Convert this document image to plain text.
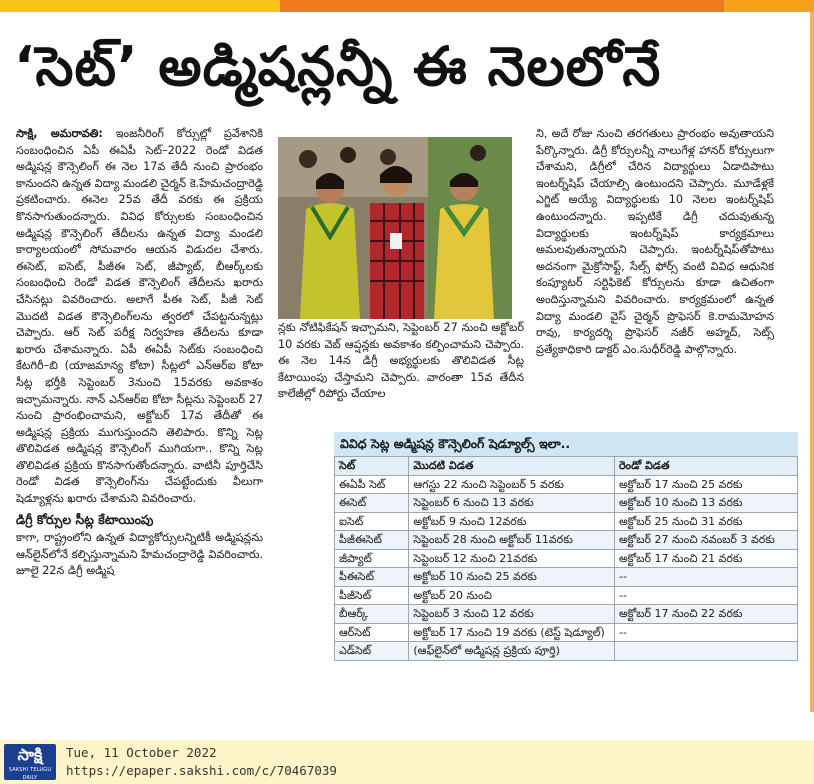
‘సెట్’ అడ్మిషన్లన్నీ ఈ నెలలోనే

సాక్షి, అమరావతి: ఇంజనీరింగ్ కోర్సుల్లో ప్రవేశానికి సంబంధించిన ఏపీ ఈఏపీ సెట్–2022 రెండో విడత అడ్మిషన్ల కౌన్సెలింగ్ ఈ నెల 17వ తేదీ నుంచి ప్రారంభం కానుందని ఉన్నత విద్యా మండలి చైర్మన్ కె.హేమచంద్రారెడ్డి ప్రకటించారు. ఈనెల 25వ తేదీ వరకు ఈ ప్రక్రియ కొనసాగుతుందన్నారు. వివిధ కోర్సులకు సంబంధించిన అడ్మిషన్ల కౌన్సెలింగ్ తేదీలను ఉన్నత విద్యా మండలి కార్యాలయంలో సోమవారం ఆయన విడుదల చేశారు. ఈసెట్, ఐసెట్, పీజీఈ సెట్, జీప్యాట్, బీఆర్క్‌లకు సంబంధించి రెండో విడత కౌన్సెలింగ్ తేదీలను ఖరారు చేసినట్లు వివరించారు. అలాగే పీఈ సెట్, పీజీ సెట్ మొదటి విడత కౌన్సెలింగ్‌లను త్వరలో చేపట్టనున్నట్లు చెప్పారు. ఆర్ సెట్ పరీక్ష నిర్వహణ తేదీలను కూడా ఖరారు చేశామన్నారు. ఏపీ ఈఏపీ సెట్‌కు సంబంధించి కేటగిరీ–బి (యాజమాన్య కోటా) సీట్లలో ఎన్ఆర్ఐ కోటా సీట్ల భర్తీకి సెప్టెంబర్ 3నుంచి 15వరకు అవకాశం ఇచ్చామన్నారు. నాన్ ఎన్ఆర్ఐ కోటా సీట్లను సెప్టెంబర్ 27 నుంచి ప్రారంభించామని, అక్టోబర్ 17వ తేదీతో ఈ అడ్మిషన్ల ప్రక్రియ ముగుస్తుందని తెలిపారు. కొన్ని సెట్ల తొలివిడత అడ్మిషన్ల కౌన్సెలింగ్ ముగియగా.. కొన్ని సెట్ల తొలివిడత ప్రక్రియ కొనసాగుతోందన్నారు. వాటినీ పూర్తిచేసి రెండో విడత కౌన్సెలింగ్‌ను చేపట్టేందుకు వీలుగా షెడ్యూళ్లను ఖరారు చేశామని వివరించారు.

డిగ్రీ కోర్సుల సీట్ల కేటాయింపు

కాగా, రాష్ట్రంలోని ఉన్నత విద్యాకోర్సులన్నిటికీ అడ్మిషన్లను ఆన్‌లైన్‌లోనే కల్పిస్తున్నామని హేమచంద్రారెడ్డి వివరించారు. జూలై 22న డిగ్రీ అడ్మిష

న్లకు నోటిఫికేషన్ ఇచ్చామని, సెప్టెంబర్ 27 నుంచి అక్టోబర్ 10 వరకు వెబ్ ఆప్షన్లకు అవకాశం కల్పించామని చెప్పారు. ఈ నెల 14న డిగ్రీ అభ్యర్థులకు తొలివిడత సీట్ల కేటాయింపు చేస్తామని చెప్పారు. వారంతా 15వ తేదీన కాలేజీల్లో రిపోర్టు చేయాల

ని, అదే రోజు నుంచి తరగతులు ప్రారంభం అవుతాయని పేర్కొన్నారు. డిగ్రీ కోర్సులన్నీ నాలుగేళ్ల హానర్ కోర్సులుగా చేశామని, డిగ్రీలో చేరిన విద్యార్థులు ఏడాదిపాటు ఇంటర్న్‌షిప్ చేయాల్సి ఉంటుందని చెప్పారు. మూడేళ్లకే ఎగ్జిట్ అయ్యే విద్యార్థులకు 10 నెలల ఇంటర్న్‌షిప్ ఉంటుందన్నారు. ఇప్పటికే డిగ్రీ చదువుతున్న విద్యార్థులకు ఇంటర్న్‌షిప్ కార్యక్రమాలు అమలవుతున్నాయని చెప్పారు. ఇంటర్న్‌షిప్‌తోపాటు అదనంగా మైక్రోసాఫ్ట్, సేల్స్ ఫోర్స్ వంటి వివిధ ఆధునిక కంప్యూటర్ సర్టిఫికెట్ కోర్సులను కూడా ఉచితంగా అందిస్తున్నామని వివరించారు. కార్యక్రమంలో ఉన్నత విద్యా మండలి వైస్ చైర్మన్ ప్రొఫెసర్ కె.రామమోహన రావు, కార్యదర్శి ప్రొఫెసర్ నజీర్ అహ్మద్, సెట్స్ ప్రత్యేకాధికారి డాక్టర్ ఎం.సుధీర్‌రెడ్డి పాల్గొన్నారు.

వివిధ సెట్ల అడ్మిషన్ల కౌన్సెలింగ్ షెడ్యూల్స్ ఇలా..
సెట్	మొదటి విడత	రెండో విడత
ఈఏపీ సెట్	ఆగస్టు 22 నుంచి సెప్టెంబర్ 5 వరకు	అక్టోబర్ 17 నుంచి 25 వరకు
ఈసెట్	సెప్టెంబర్ 6 నుంచి 13 వరకు	అక్టోబర్ 10 నుంచి 13 వరకు
ఐసెట్	అక్టోబర్ 9 నుంచి 12వరకు	అక్టోబర్ 25 నుంచి 31 వరకు
పీజీఈసెట్	సెప్టెంబర్ 28 నుంచి అక్టోబర్ 11వరకు	అక్టోబర్ 27 నుంచి నవంబర్ 3 వరకు
జీప్యాట్	సెప్టెంబర్ 12 నుంచి 21వరకు	అక్టోబర్ 17 నుంచి 21 వరకు
పీఈసెట్	అక్టోబర్ 10 నుంచి 25 వరకు	--
పీజీసెట్	అక్టోబర్ 20 నుంచి	--
బీఆర్క్	సెప్టెంబర్ 3 నుంచి 12 వరకు	అక్టోబర్ 17 నుంచి 22 వరకు
ఆర్‌సెట్	అక్టోబర్ 17 నుంచి 19 వరకు (టెస్ట్ షెడ్యూల్)	--
ఎడ్‌సెట్	(ఆఫ్‌లైన్‌లో అడ్మిషన్ల ప్రక్రియ పూర్తి)	
సాక్షి
SAKSHI TELUGU DAILY
Tue, 11 October 2022
https://epaper.sakshi.com/c/70467039
